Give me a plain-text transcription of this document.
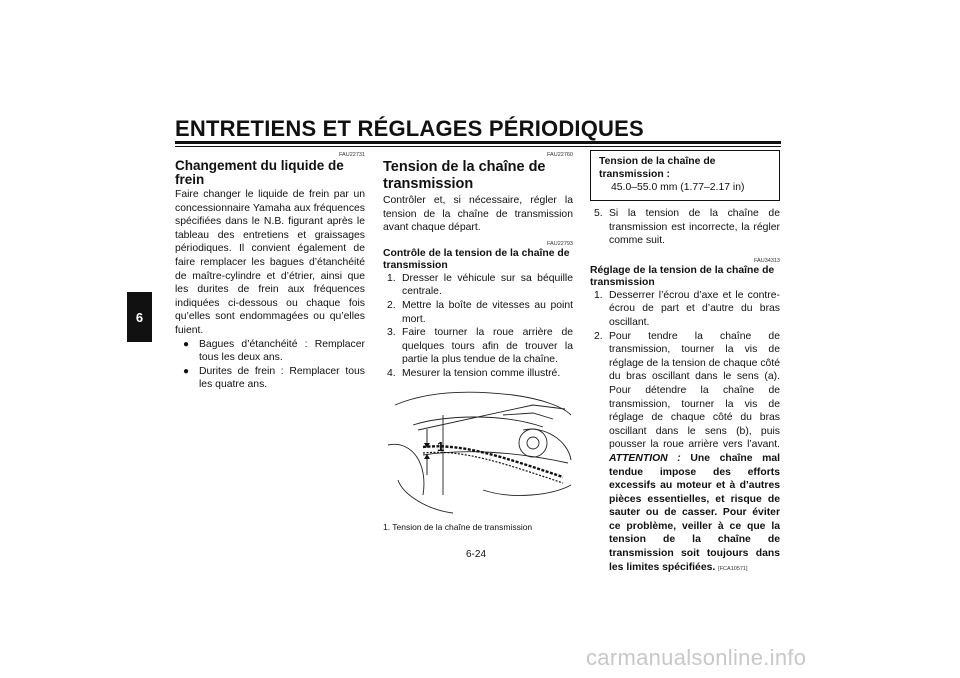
ENTRETIENS ET RÉGLAGES PÉRIODIQUES
6
FAU22731
Changement du liquide de frein

Faire changer le liquide de frein par un concessionnaire Yamaha aux fréquences spécifiées dans le N.B. figurant après le tableau des entretiens et graissages périodiques. Il convient également de faire remplacer les bagues d’étanchéité de maître-cylindre et d’étrier, ainsi que les durites de frein aux fréquences indiquées ci-dessous ou chaque fois qu’elles sont endommagées ou qu’elles fuient.

● Bagues d’étanchéité : Remplacer tous les deux ans.
● Durites de frein : Remplacer tous les quatre ans.
FAU22760
Tension de la chaîne de transmission

Contrôler et, si nécessaire, régler la tension de la chaîne de transmission avant chaque départ.

FAU22793
Contrôle de la tension de la chaîne de transmission
1. Dresser le véhicule sur sa béquille centrale.
2. Mettre la boîte de vitesses au point mort.
3. Faire tourner la roue arrière de quelques tours afin de trouver la partie la plus tendue de la chaîne.
4. Mesurer la tension comme illustré.
1
1. Tension de la chaîne de transmission
Tension de la chaîne de transmission :
45.0–55.0 mm (1.77–2.17 in)
5. Si la tension de la chaîne de transmission est incorrecte, la régler comme suit.
FAU34313
Réglage de la tension de la chaîne de transmission
1. Desserrer l’écrou d’axe et le contre-écrou de part et d’autre du bras oscillant.
2. Pour tendre la chaîne de transmission, tourner la vis de réglage de la tension de chaque côté du bras oscillant dans le sens (a). Pour détendre la chaîne de transmission, tourner la vis de réglage de chaque côté du bras oscillant dans le sens (b), puis pousser la roue arrière vers l’avant. ATTENTION : Une chaîne mal tendue impose des efforts excessifs au moteur et à d’autres pièces essentielles, et risque de sauter ou de casser. Pour éviter ce problème, veiller à ce que la tension de la chaîne de transmission soit toujours dans les limites spécifiées. [FCA10571]
6-24
carmanualsonline.info
